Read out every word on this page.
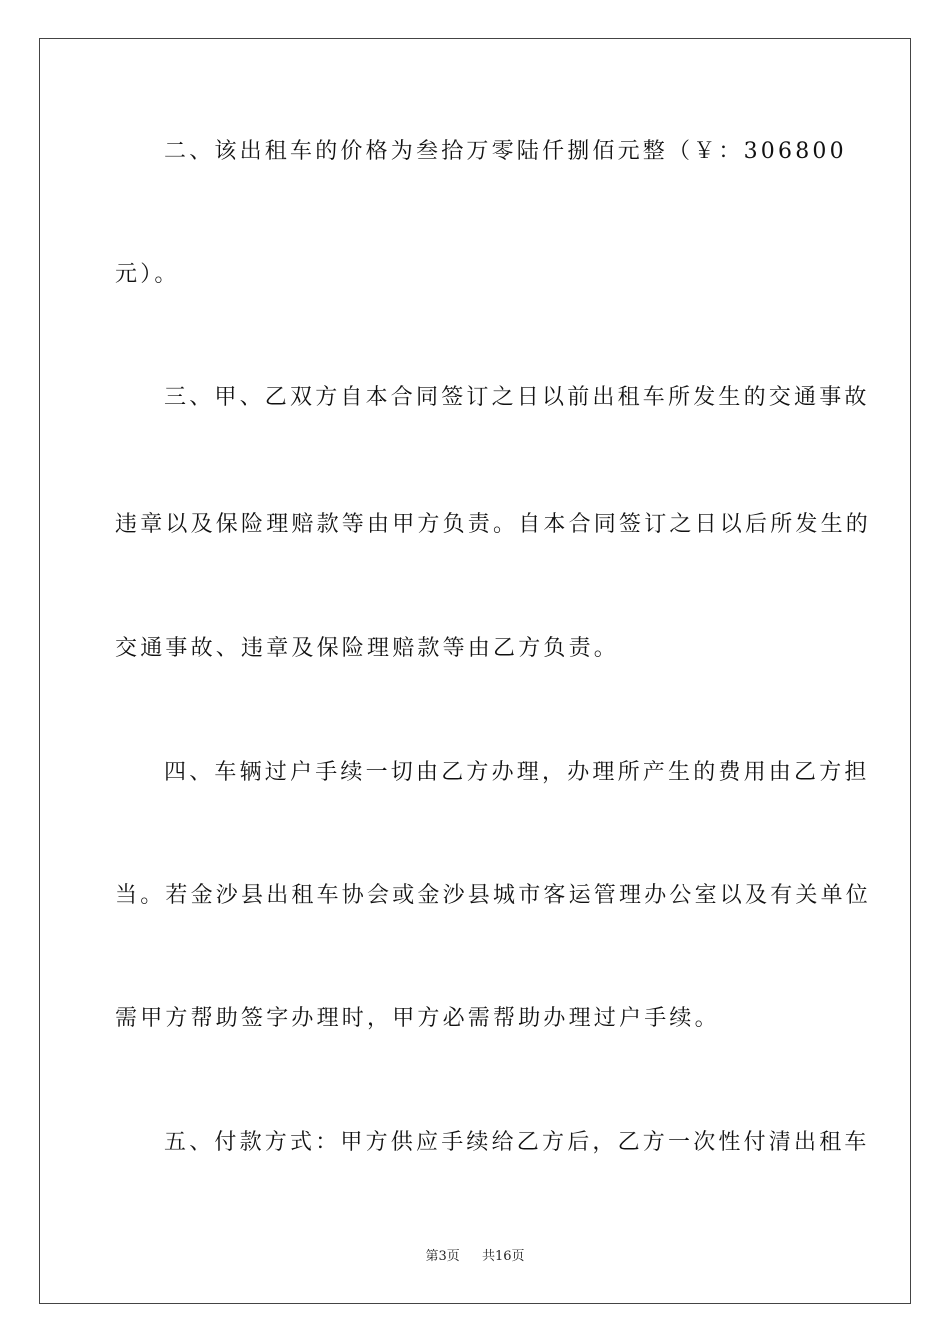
二、该出租车的价格为叁拾万零陆仟捌佰元整（￥：306800
元）。
三、甲、乙双方自本合同签订之日以前出租车所发生的交通事故
违章以及保险理赔款等由甲方负责。自本合同签订之日以后所发生的
交通事故、违章及保险理赔款等由乙方负责。
四、车辆过户手续一切由乙方办理，办理所产生的费用由乙方担
当。若金沙县出租车协会或金沙县城市客运管理办公室以及有关单位
需甲方帮助签字办理时，甲方必需帮助办理过户手续。
五、付款方式：甲方供应手续给乙方后，乙方一次性付清出租车
第3页 共16页
